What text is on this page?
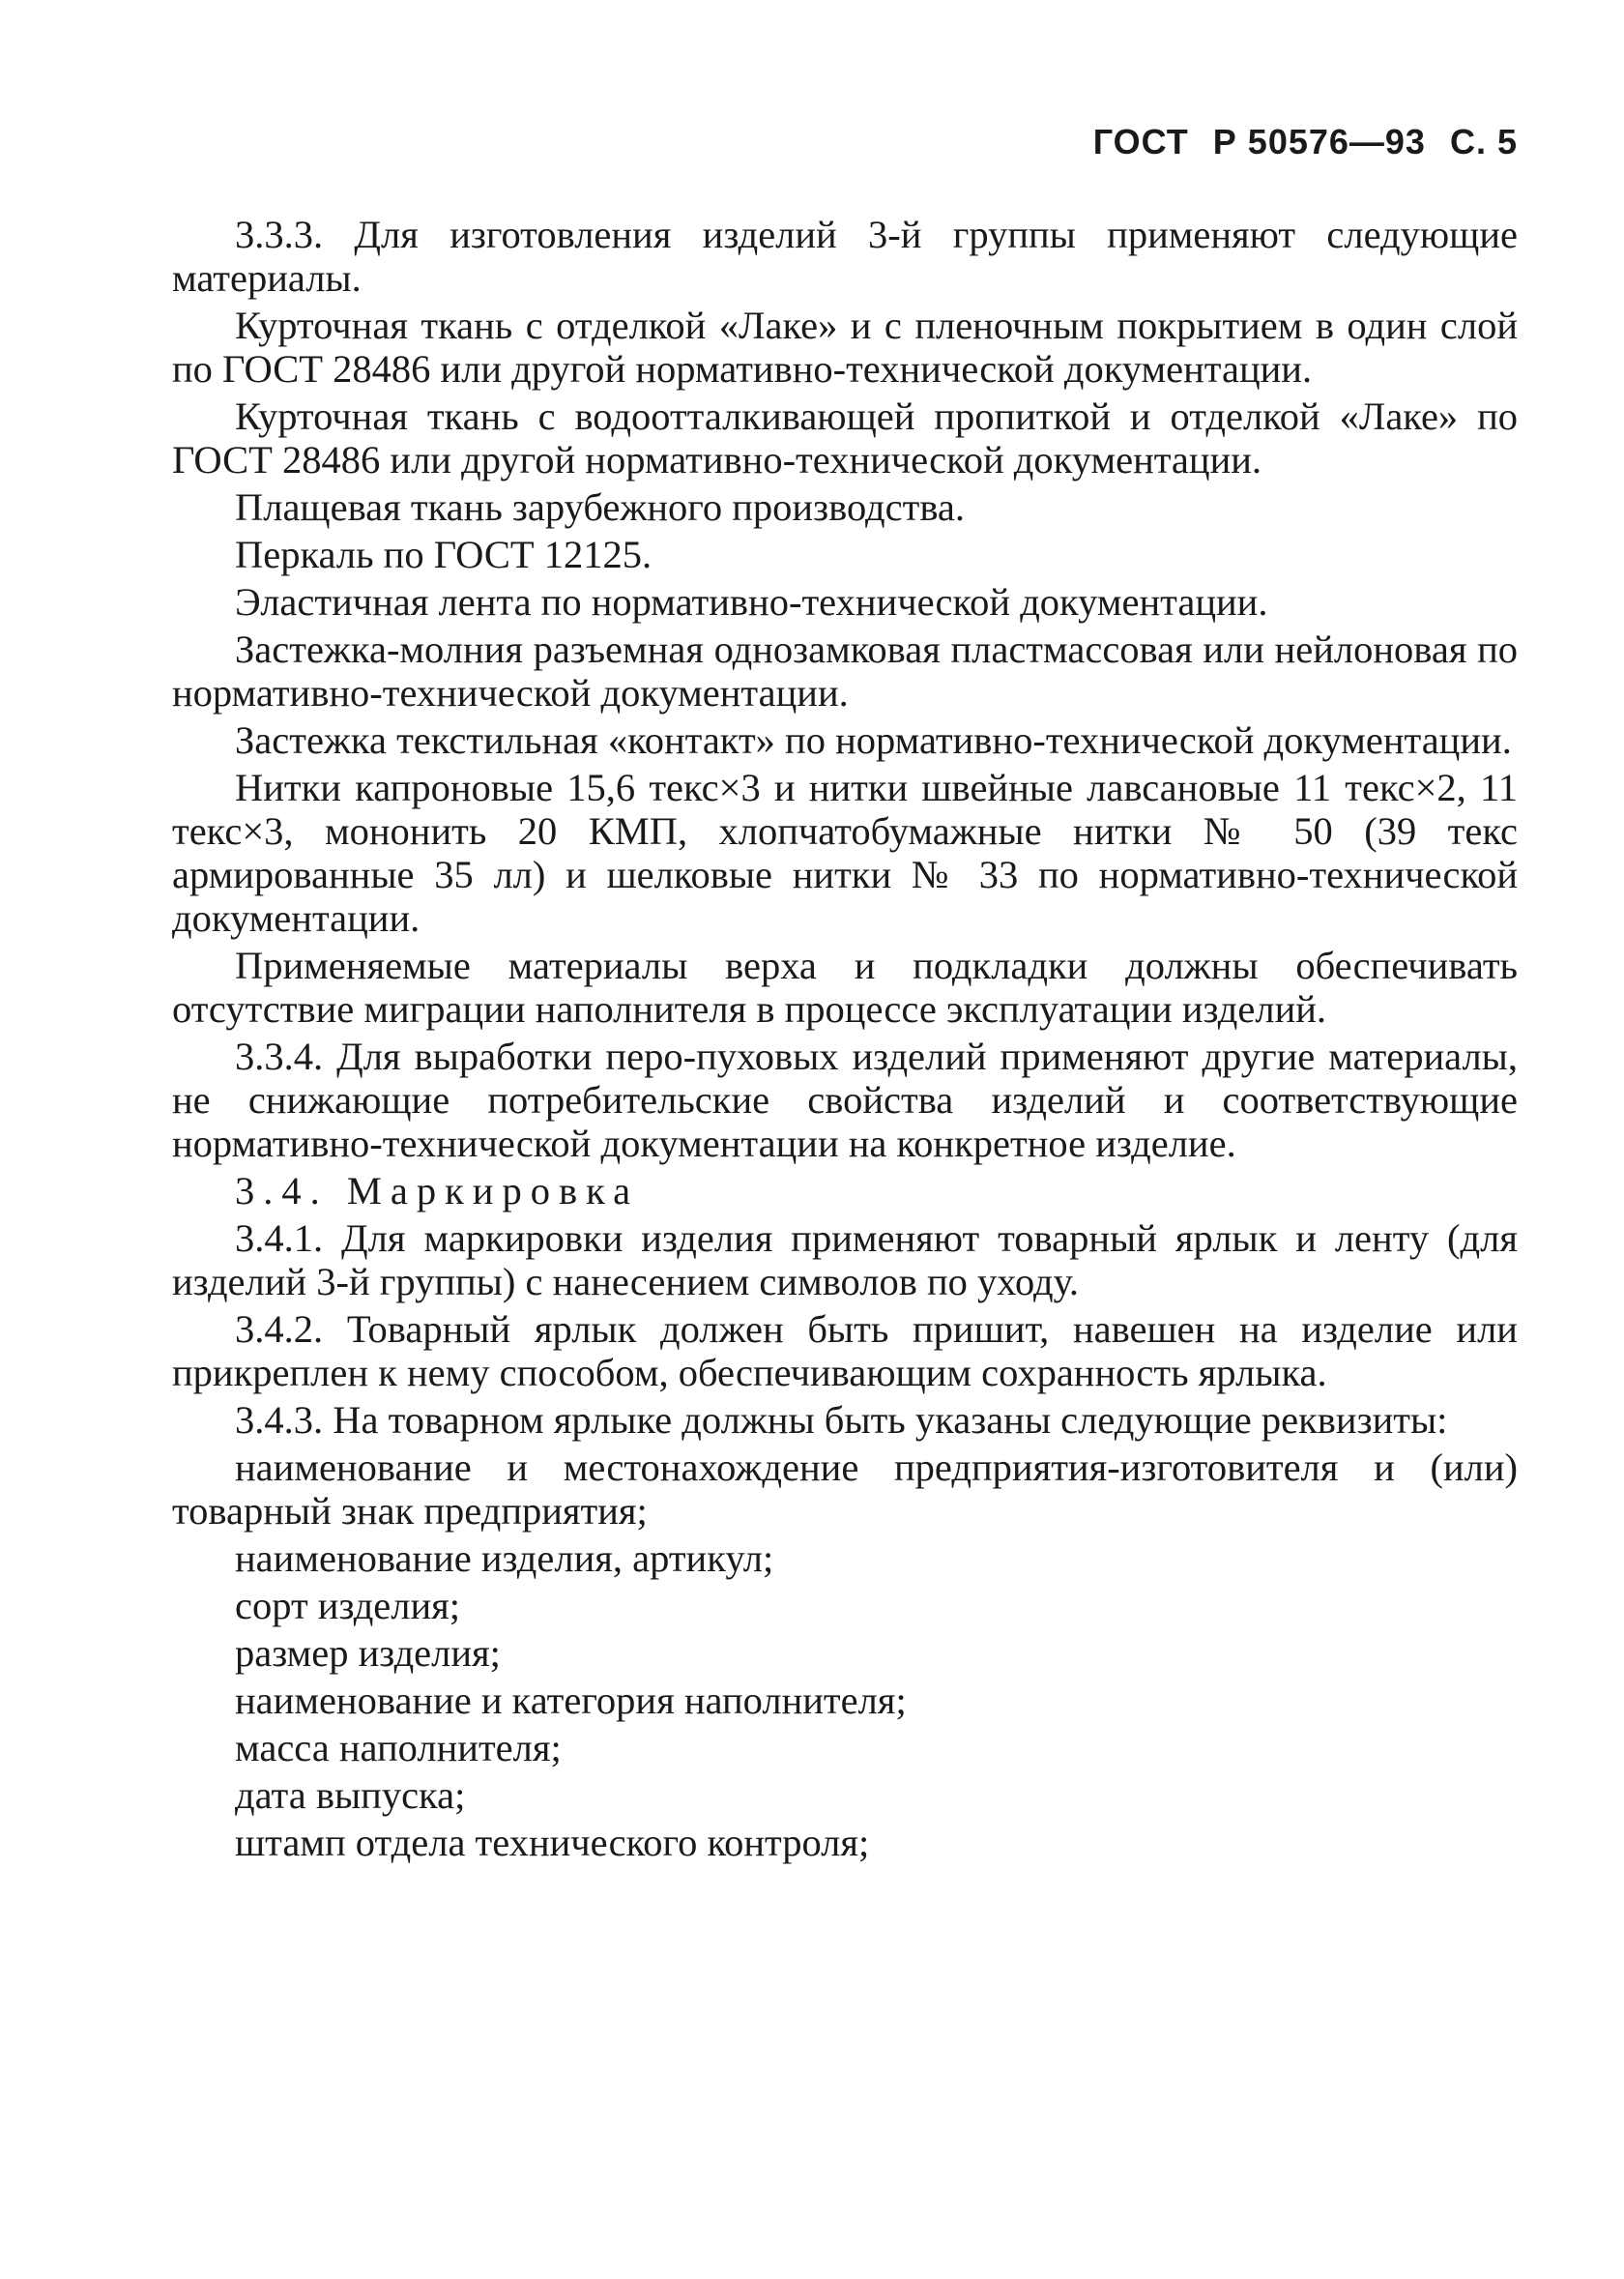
ГОСТ Р 50576—93 С. 5

3.3.3. Для изготовления изделий 3-й группы применяют следующие материалы.

Курточная ткань с отделкой «Лаке» и с пленочным покрытием в один слой по ГОСТ 28486 или другой нормативно-технической документации.

Курточная ткань с водоотталкивающей пропиткой и отделкой «Лаке» по ГОСТ 28486 или другой нормативно-технической документации.

Плащевая ткань зарубежного производства.

Перкаль по ГОСТ 12125.

Эластичная лента по нормативно-технической документации.

Застежка-молния разъемная однозамковая пластмассовая или нейлоновая по нормативно-технической документации.

Застежка текстильная «контакт» по нормативно-технической документации.

Нитки капроновые 15,6 текс×3 и нитки швейные лавсановые 11 текс×2, 11 текс×3, мононить 20 КМП, хлопчатобумажные нитки № 50 (39 текс армированные 35 лл) и шелковые нитки № 33 по нормативно-технической документации.

Применяемые материалы верха и подкладки должны обеспечивать отсутствие миграции наполнителя в процессе эксплуатации изделий.

3.3.4. Для выработки перо-пуховых изделий применяют другие материалы, не снижающие потребительские свойства изделий и соответствующие нормативно-технической документации на конкретное изделие.

3.4. Маркировка

3.4.1. Для маркировки изделия применяют товарный ярлык и ленту (для изделий 3-й группы) с нанесением символов по уходу.

3.4.2. Товарный ярлык должен быть пришит, навешен на изделие или прикреплен к нему способом, обеспечивающим сохранность ярлыка.

3.4.3. На товарном ярлыке должны быть указаны следующие реквизиты:

наименование и местонахождение предприятия-изготовителя и (или) товарный знак предприятия;

наименование изделия, артикул;

сорт изделия;

размер изделия;

наименование и категория наполнителя;

масса наполнителя;

дата выпуска;

штамп отдела технического контроля;
